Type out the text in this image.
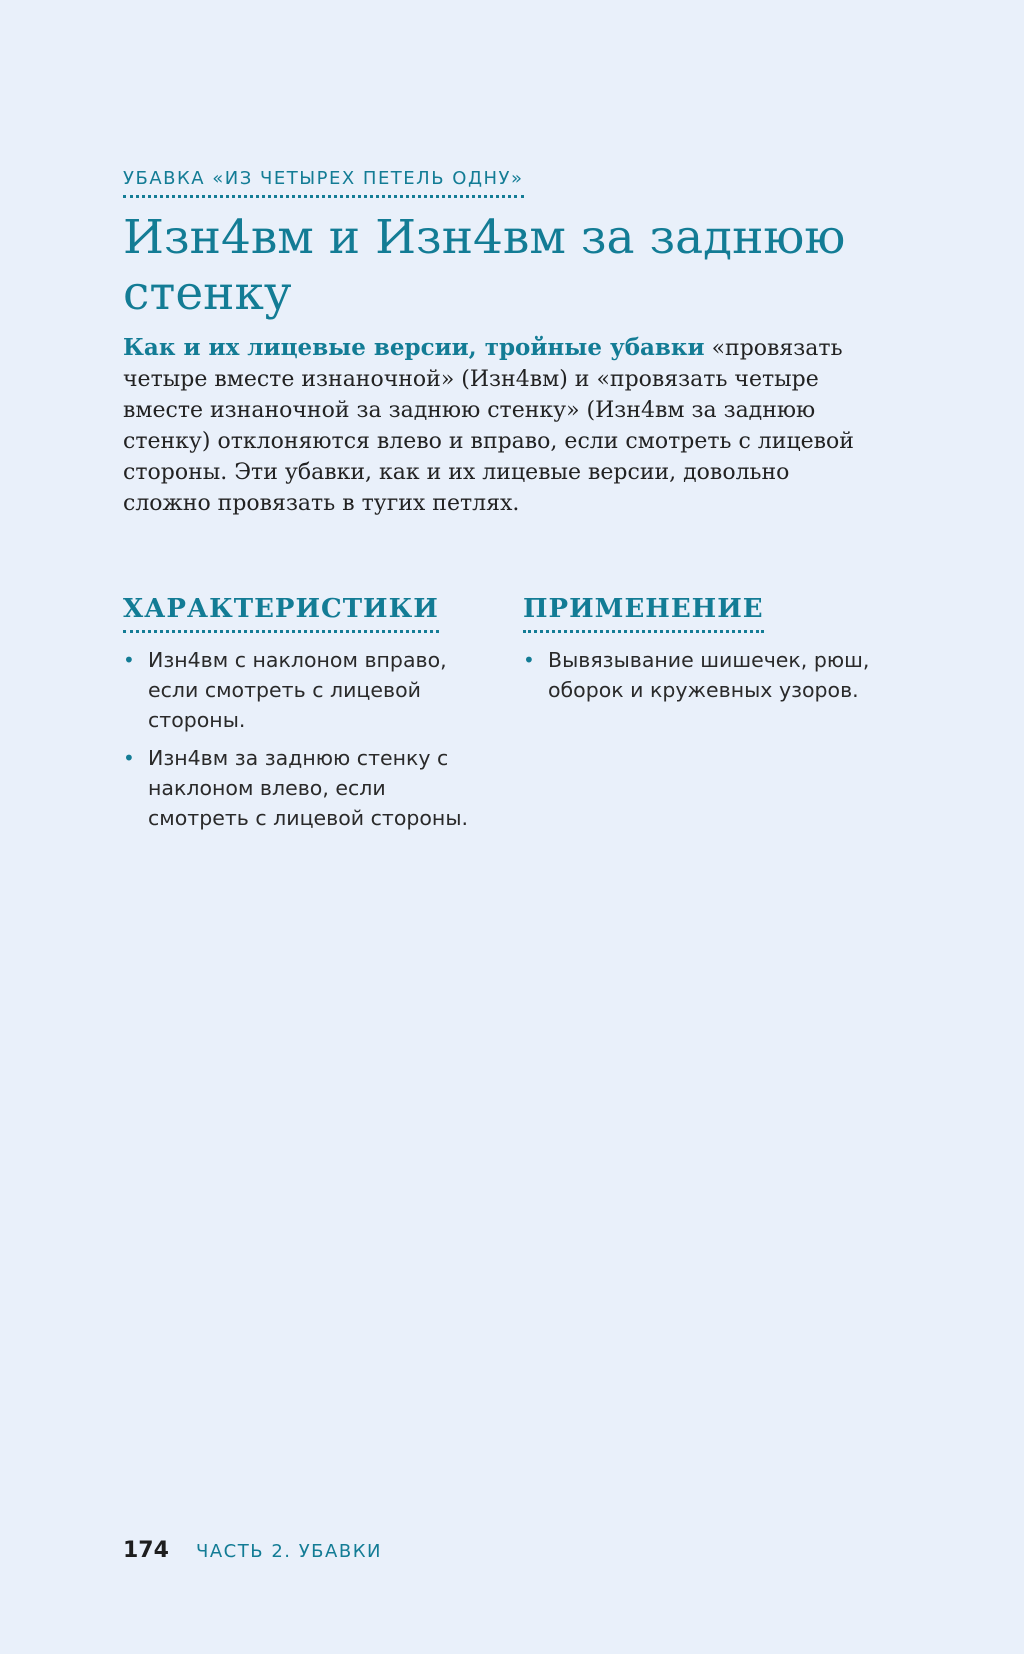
УБАВКА «ИЗ ЧЕТЫРЕХ ПЕТЕЛЬ ОДНУ»
Изн4вм и Изн4вм за заднюю стенку

Как и их лицевые версии, тройные убавки «провязать четыре вместе изнаночной» (Изн4вм) и «провязать четыре вместе изнаночной за заднюю стенку» (Изн4вм за заднюю стенку) отклоняются влево и вправо, если смотреть с лицевой стороны. Эти убавки, как и их лицевые версии, довольно сложно провязать в тугих петлях.

ХАРАКТЕРИСТИКИ
• Изн4вм с наклоном вправо, если смотреть с лицевой стороны.
• Изн4вм за заднюю стенку с наклоном влево, если смотреть с лицевой стороны.
ПРИМЕНЕНИЕ
• Вывязывание шишечек, рюш, оборок и кружевных узоров.
174 ЧАСТЬ 2. УБАВКИ
